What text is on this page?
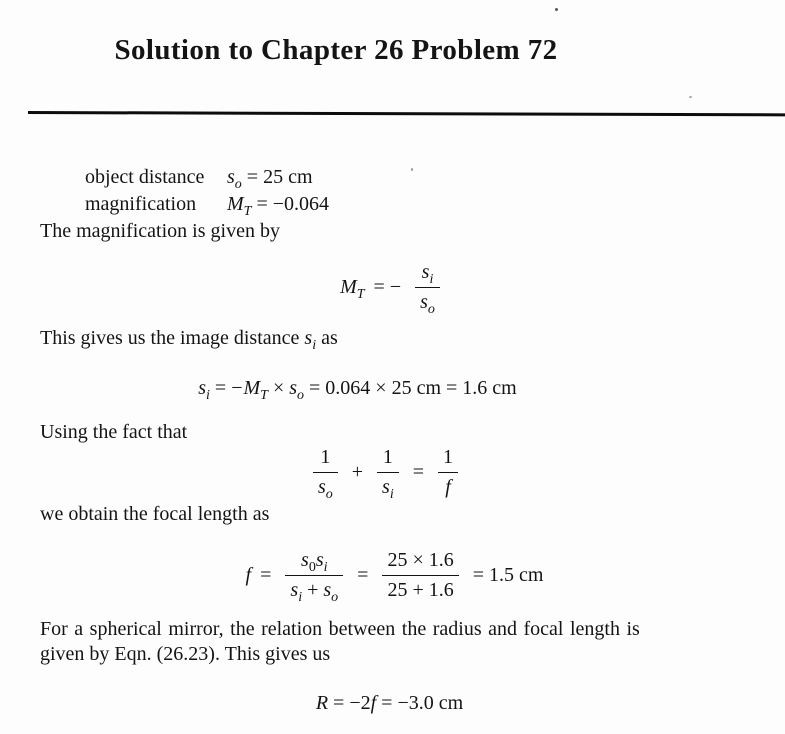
Solution to Chapter 26 Problem 72
object distance	$s_o = 25$ cm
magnification	$M_T = -0.064$
The magnification is given by
$M_T$ = − $\frac{s_i}{s_o}$
This gives us the image distance $s_i$ as
$s_i = -M_T \times s_o = 0.064 \times 25$ cm = 1.6 cm
Using the fact that
$\frac{1}{s_o} + \frac{1}{s_i} = \frac{1}{f}$
we obtain the focal length as
$f = \frac{s_0s_i}{s_i + s_o} = \frac{25 \times 1.6}{25 + 1.6} = 1.5$ cm
For a spherical mirror, the relation between the radius and focal length is
given by Eqn. (26.23). This gives us
R = −2f = −3.0 cm
